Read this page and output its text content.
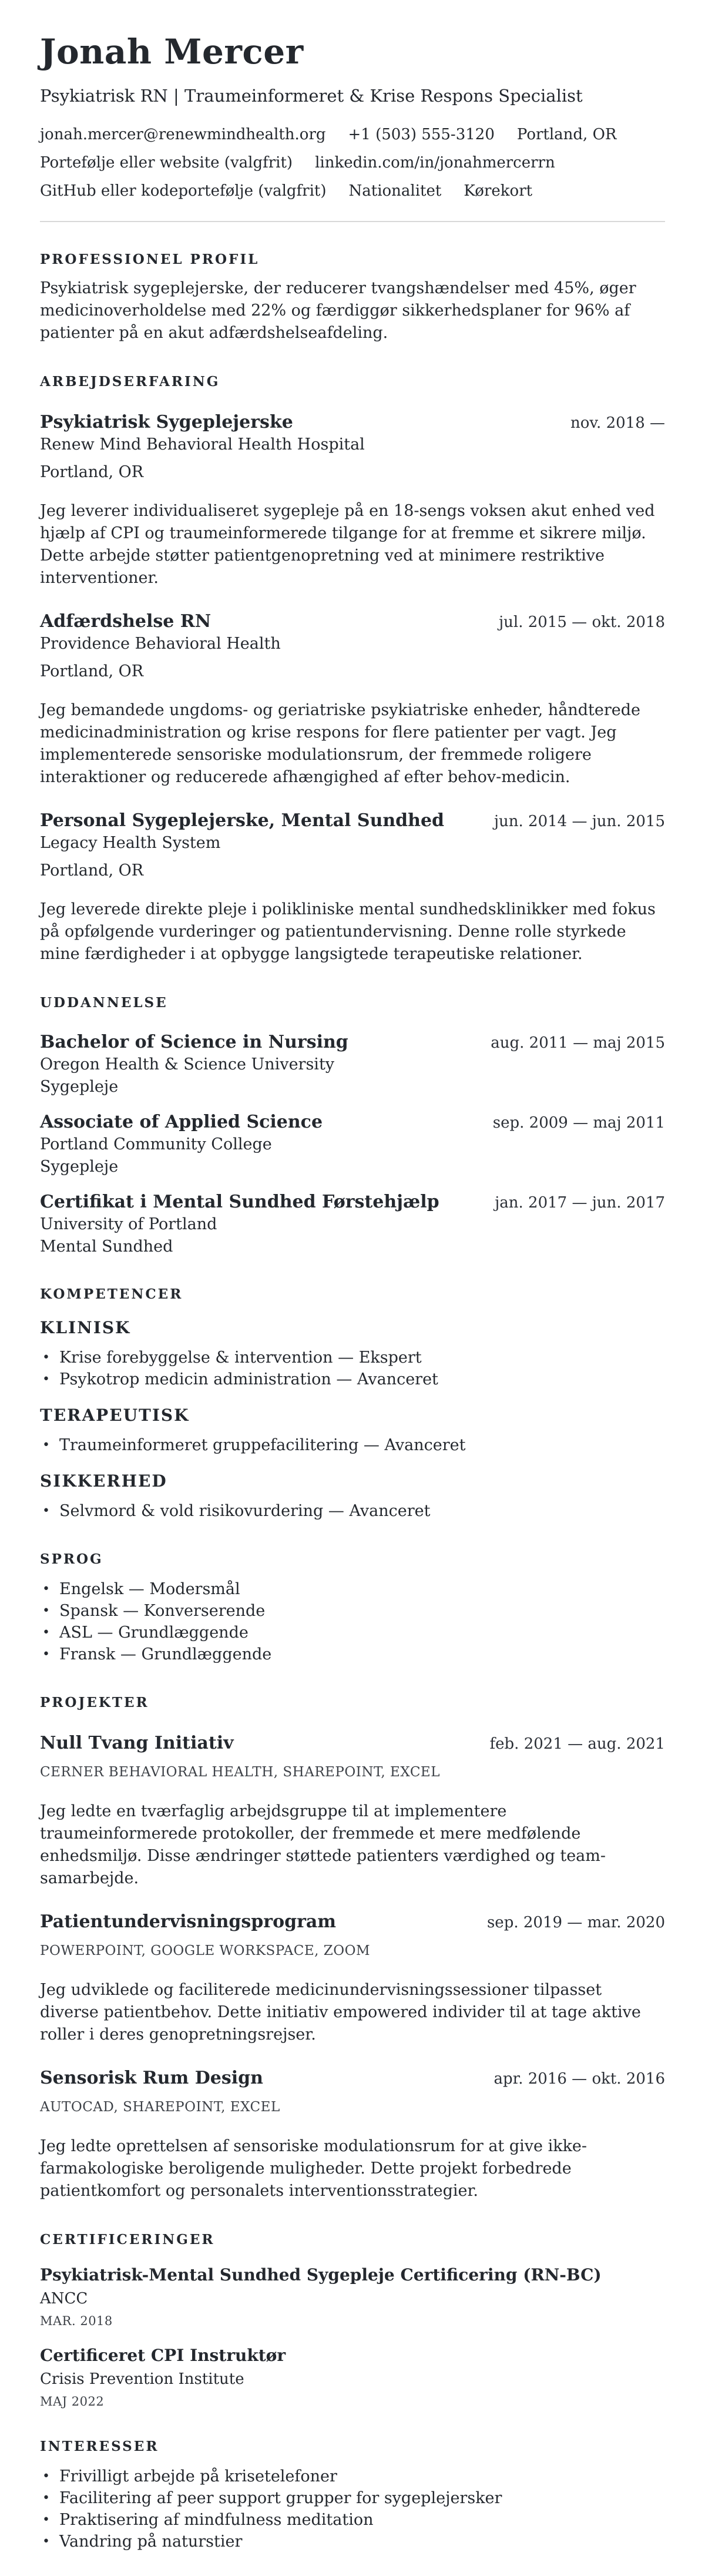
Jonah Mercer
Psykiatrisk RN | Traumeinformeret & Krise Respons Specialist
jonah.mercer@renewmindhealth.org +1 (503) 555-3120 Portland, OR
Portefølje eller website (valgfrit) linkedin.com/in/jonahmercerrn
GitHub eller kodeportefølje (valgfrit) Nationalitet Kørekort
PROFESSIONEL PROFIL

Psykiatrisk sygeplejerske, der reducerer tvangshændelser med 45%, øger medicinoverholdelse med 22% og færdiggør sikkerhedsplaner for 96% af patienter på en akut adfærdshelseafdeling.

ARBEJDSERFARING
Psykiatrisk Sygeplejerske	nov. 2018 —
Renew Mind Behavioral Health Hospital
Portland, OR

Jeg leverer individualiseret sygepleje på en 18-sengs voksen akut enhed ved hjælp af CPI og traumeinformerede tilgange for at fremme et sikrere miljø. Dette arbejde støtter patientgenopretning ved at minimere restriktive interventioner.

Adfærdshelse RN	jul. 2015 — okt. 2018
Providence Behavioral Health
Portland, OR

Jeg bemandede ungdoms- og geriatriske psykiatriske enheder, håndterede medicinadministration og krise respons for flere patienter per vagt. Jeg implementerede sensoriske modulationsrum, der fremmede roligere interaktioner og reducerede afhængighed af efter behov-medicin.

Personal Sygeplejerske, Mental Sundhed	jun. 2014 — jun. 2015
Legacy Health System
Portland, OR

Jeg leverede direkte pleje i polikliniske mental sundhedsklinikker med fokus på opfølgende vurderinger og patientundervisning. Denne rolle styrkede mine færdigheder i at opbygge langsigtede terapeutiske relationer.

UDDANNELSE
Bachelor of Science in Nursing	aug. 2011 — maj 2015
Oregon Health & Science University
Sygepleje
Associate of Applied Science	sep. 2009 — maj 2011
Portland Community College
Sygepleje
Certifikat i Mental Sundhed Førstehjælp	jan. 2017 — jun. 2017
University of Portland
Mental Sundhed
KOMPETENCER
KLINISK
• Krise forebyggelse & intervention — Ekspert
• Psykotrop medicin administration — Avanceret
TERAPEUTISK
• Traumeinformeret gruppefacilitering — Avanceret
SIKKERHED
• Selvmord & vold risikovurdering — Avanceret
SPROG
• Engelsk — Modersmål
• Spansk — Konverserende
• ASL — Grundlæggende
• Fransk — Grundlæggende
PROJEKTER
Null Tvang Initiativ	feb. 2021 — aug. 2021
CERNER BEHAVIORAL HEALTH, SHAREPOINT, EXCEL

Jeg ledte en tværfaglig arbejdsgruppe til at implementere traumeinformerede protokoller, der fremmede et mere medfølende enhedsmiljø. Disse ændringer støttede patienters værdighed og team-samarbejde.

Patientundervisningsprogram	sep. 2019 — mar. 2020
POWERPOINT, GOOGLE WORKSPACE, ZOOM

Jeg udviklede og faciliterede medicinundervisningssessioner tilpasset diverse patientbehov. Dette initiativ empowered individer til at tage aktive roller i deres genopretningsrejser.

Sensorisk Rum Design	apr. 2016 — okt. 2016
AUTOCAD, SHAREPOINT, EXCEL

Jeg ledte oprettelsen af sensoriske modulationsrum for at give ikke-farmakologiske beroligende muligheder. Dette projekt forbedrede patientkomfort og personalets interventionsstrategier.

CERTIFICERINGER
Psykiatrisk-Mental Sundhed Sygepleje Certificering (RN-BC)
ANCC
MAR. 2018
Certificeret CPI Instruktør
Crisis Prevention Institute
MAJ 2022
INTERESSER
• Frivilligt arbejde på krisetelefoner
• Facilitering af peer support grupper for sygeplejersker
• Praktisering af mindfulness meditation
• Vandring på naturstier
